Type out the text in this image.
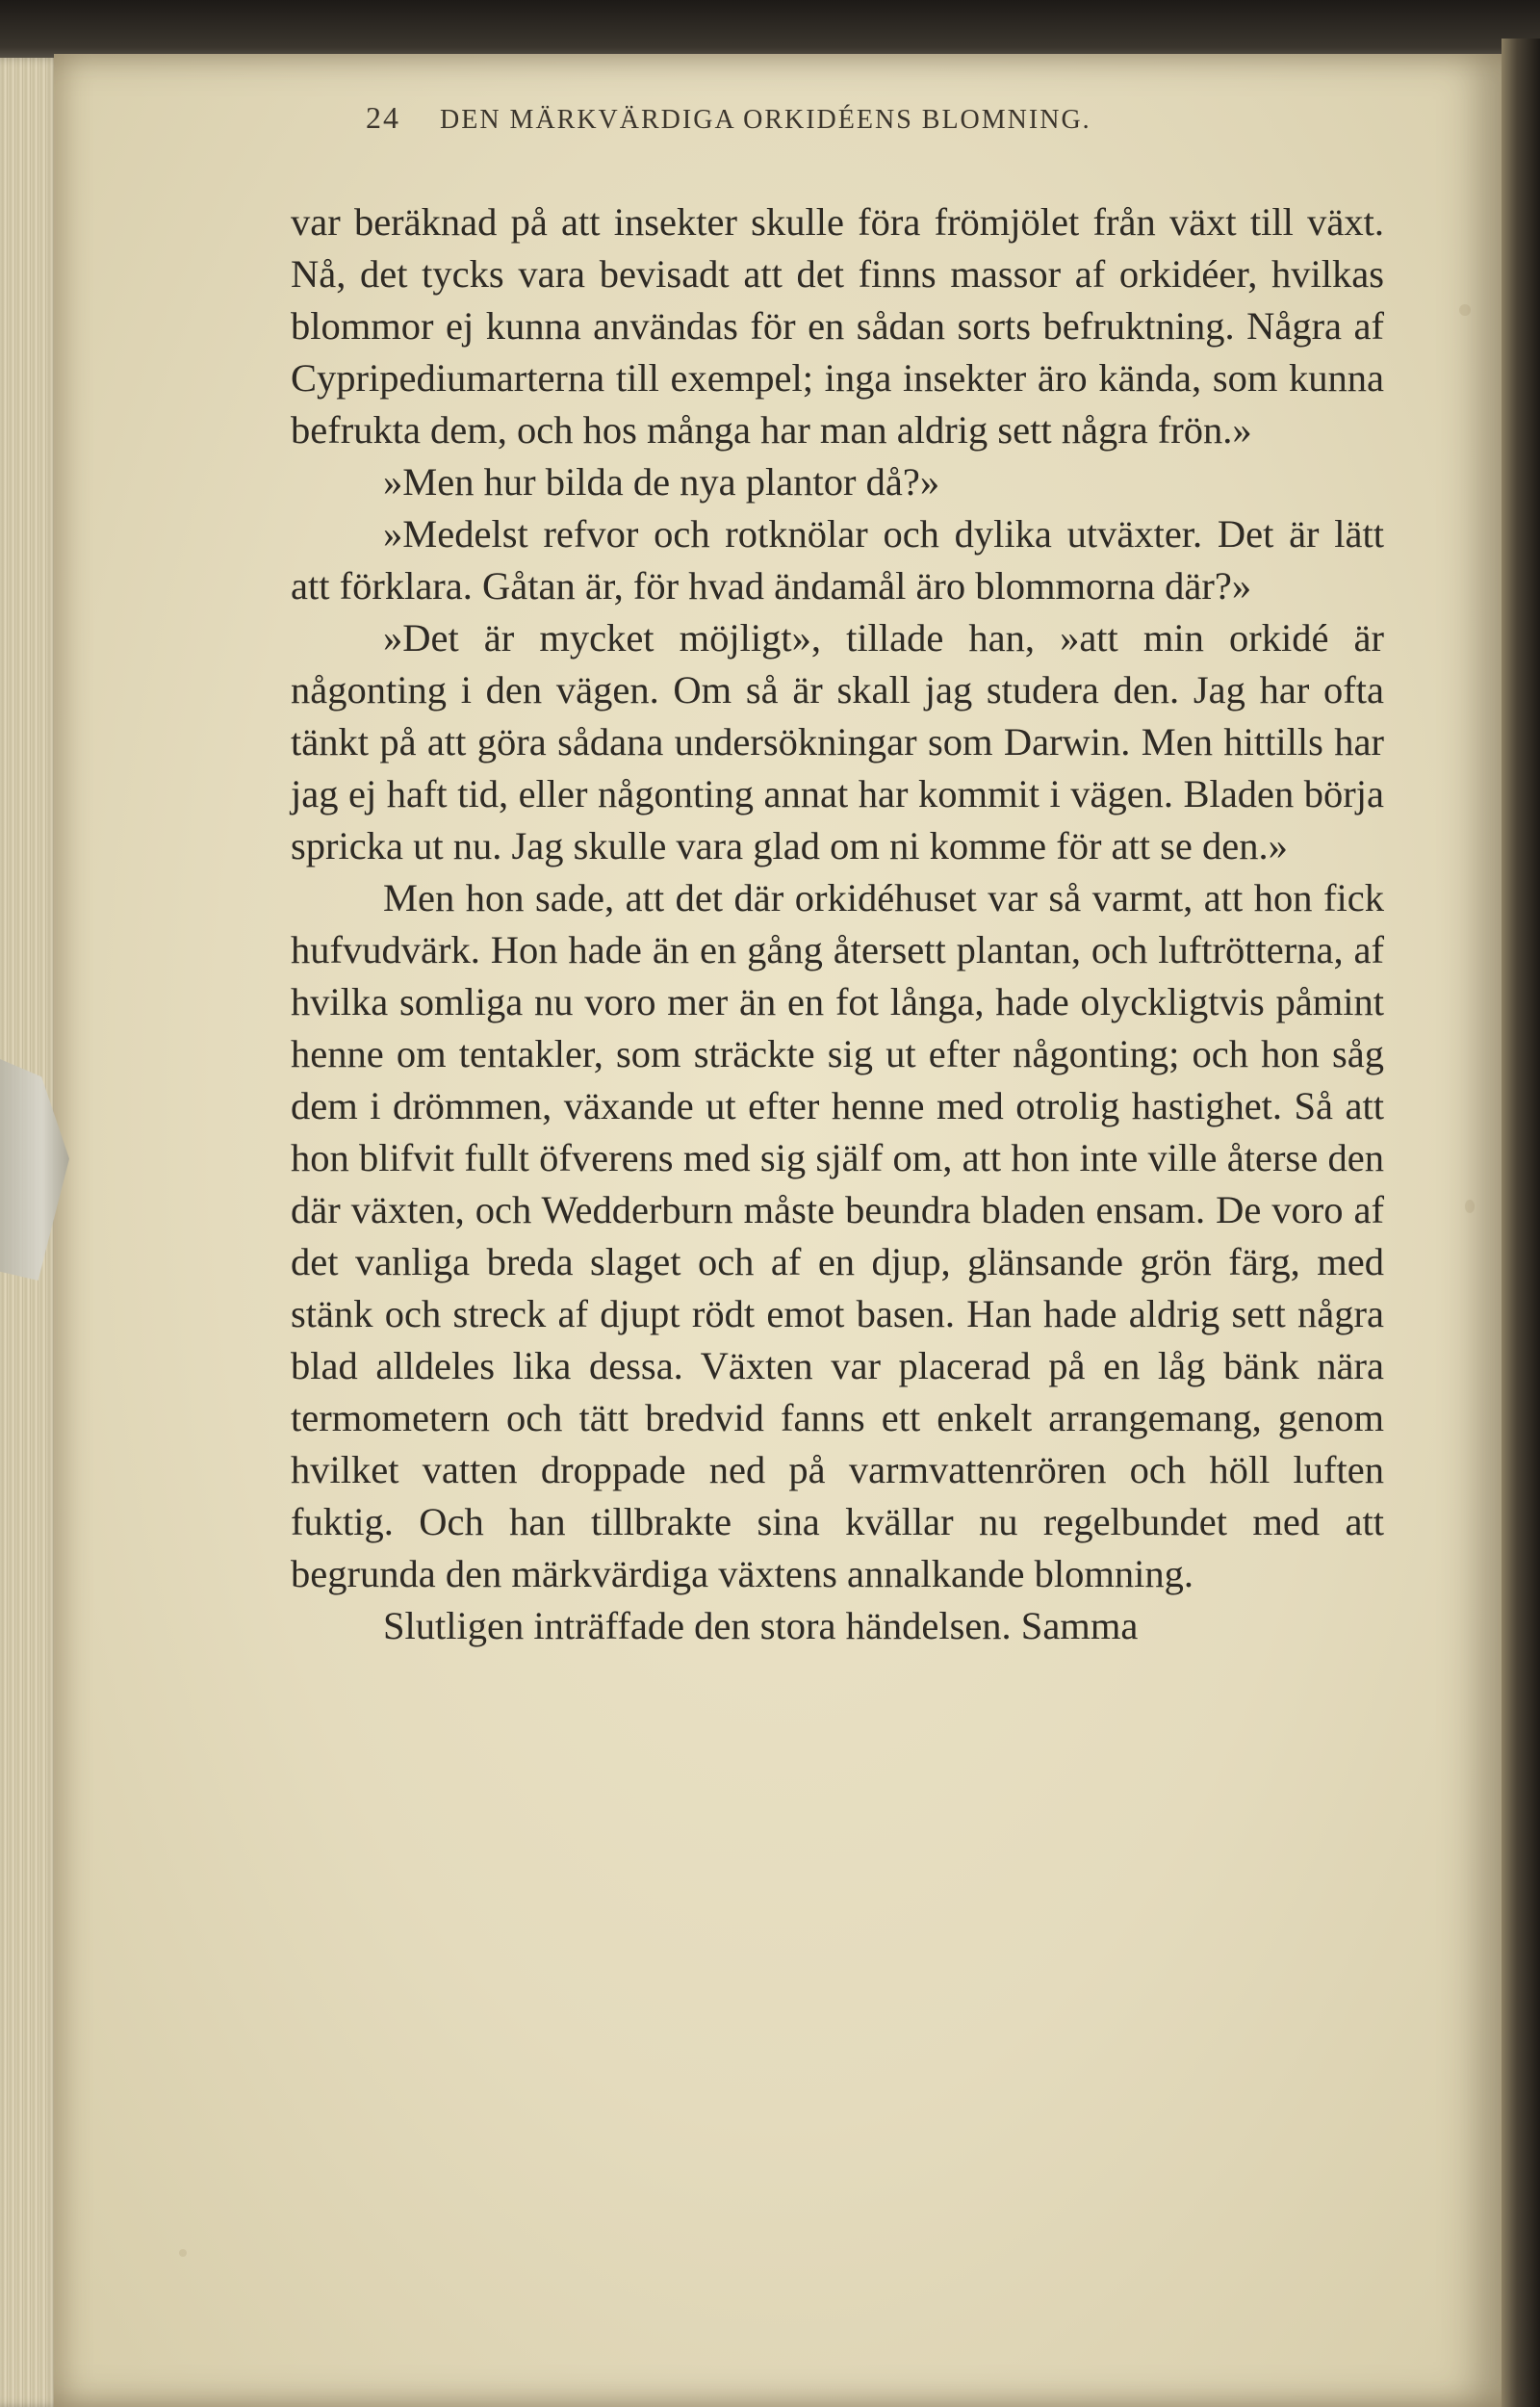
24 DEN MÄRKVÄRDIGA ORKIDÉENS BLOMNING.

var beräknad på att insekter skulle föra frömjölet från växt till växt. Nå, det tycks vara bevisadt att det finns massor af orkidéer, hvilkas blommor ej kunna användas för en sådan sorts befruktning. Några af Cypripediumarterna till exempel; inga insekter äro kända, som kunna befrukta dem, och hos många har man aldrig sett några frön.»

»Men hur bilda de nya plantor då?»

»Medelst refvor och rotknölar och dylika utväxter. Det är lätt att förklara. Gåtan är, för hvad ändamål äro blommorna där?»

»Det är mycket möjligt», tillade han, »att min orkidé är någonting i den vägen. Om så är skall jag studera den. Jag har ofta tänkt på att göra sådana undersökningar som Darwin. Men hittills har jag ej haft tid, eller någonting annat har kommit i vägen. Bladen börja spricka ut nu. Jag skulle vara glad om ni komme för att se den.»

Men hon sade, att det där orkidéhuset var så varmt, att hon fick hufvudvärk. Hon hade än en gång återsett plantan, och luftrötterna, af hvilka somliga nu voro mer än en fot långa, hade olyckligtvis påmint henne om tentakler, som sträckte sig ut efter någonting; och hon såg dem i drömmen, växande ut efter henne med otrolig hastighet. Så att hon blifvit fullt öfverens med sig själf om, att hon inte ville återse den där växten, och Wedderburn måste beundra bladen ensam. De voro af det vanliga breda slaget och af en djup, glänsande grön färg, med stänk och streck af djupt rödt emot basen. Han hade aldrig sett några blad alldeles lika dessa. Växten var placerad på en låg bänk nära termometern och tätt bredvid fanns ett enkelt arrangemang, genom hvilket vatten droppade ned på varmvattenrören och höll luften fuktig. Och han tillbrakte sina kvällar nu regelbundet med att begrunda den märkvärdiga växtens annalkande blomning.

Slutligen inträffade den stora händelsen. Samma
